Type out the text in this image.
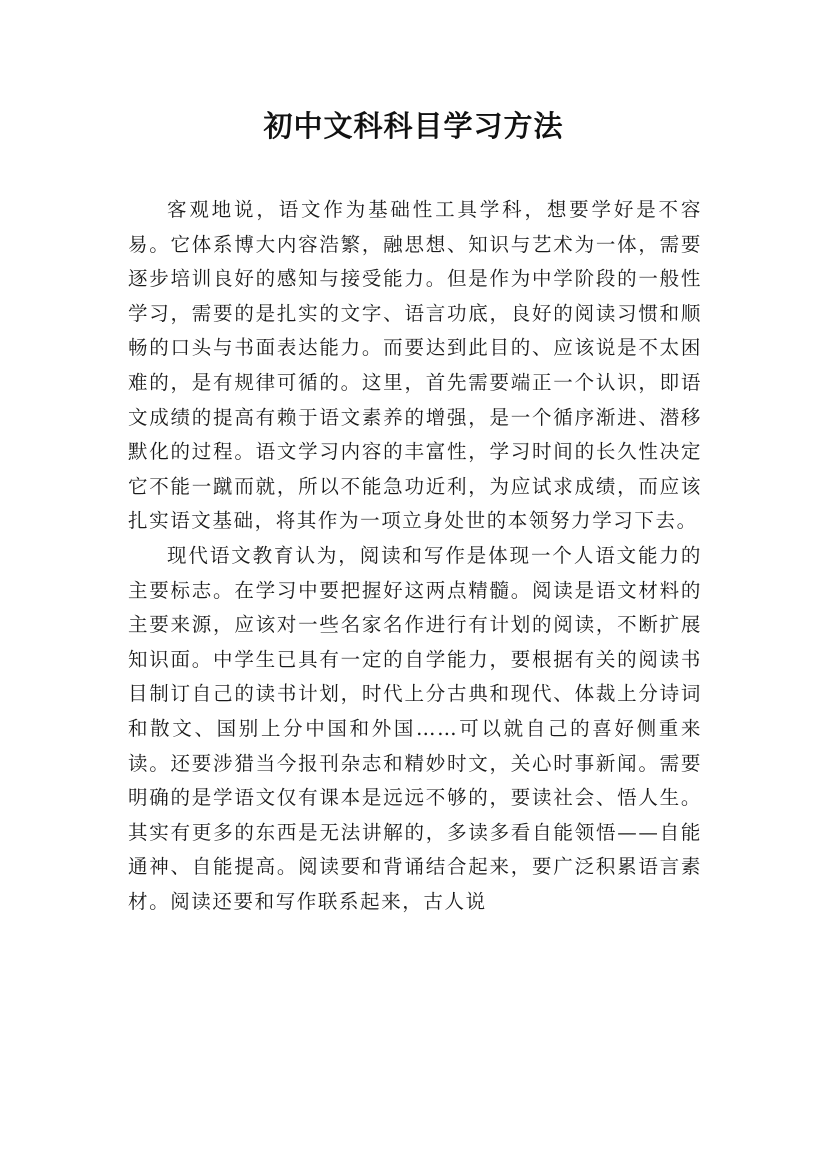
初中文科科目学习方法

客观地说，语文作为基础性工具学科，想要学好是不容易。它体系博大内容浩繁，融思想、知识与艺术为一体，需要逐步培训良好的感知与接受能力。但是作为中学阶段的一般性学习，需要的是扎实的文字、语言功底，良好的阅读习惯和顺畅的口头与书面表达能力。而要达到此目的、应该说是不太困难的，是有规律可循的。这里，首先需要端正一个认识，即语文成绩的提高有赖于语文素养的增强，是一个循序渐进、潜移默化的过程。语文学习内容的丰富性，学习时间的长久性决定它不能一蹴而就，所以不能急功近利，为应试求成绩，而应该扎实语文基础，将其作为一项立身处世的本领努力学习下去。

现代语文教育认为，阅读和写作是体现一个人语文能力的主要标志。在学习中要把握好这两点精髓。阅读是语文材料的主要来源，应该对一些名家名作进行有计划的阅读，不断扩展知识面。中学生已具有一定的自学能力，要根据有关的阅读书目制订自己的读书计划，时代上分古典和现代、体裁上分诗词和散文、国别上分中国和外国……可以就自己的喜好侧重来读。还要涉猎当今报刊杂志和精妙时文，关心时事新闻。需要明确的是学语文仅有课本是远远不够的，要读社会、悟人生。其实有更多的东西是无法讲解的，多读多看自能领悟——自能通神、自能提高。阅读要和背诵结合起来，要广泛积累语言素材。阅读还要和写作联系起来，古人说
